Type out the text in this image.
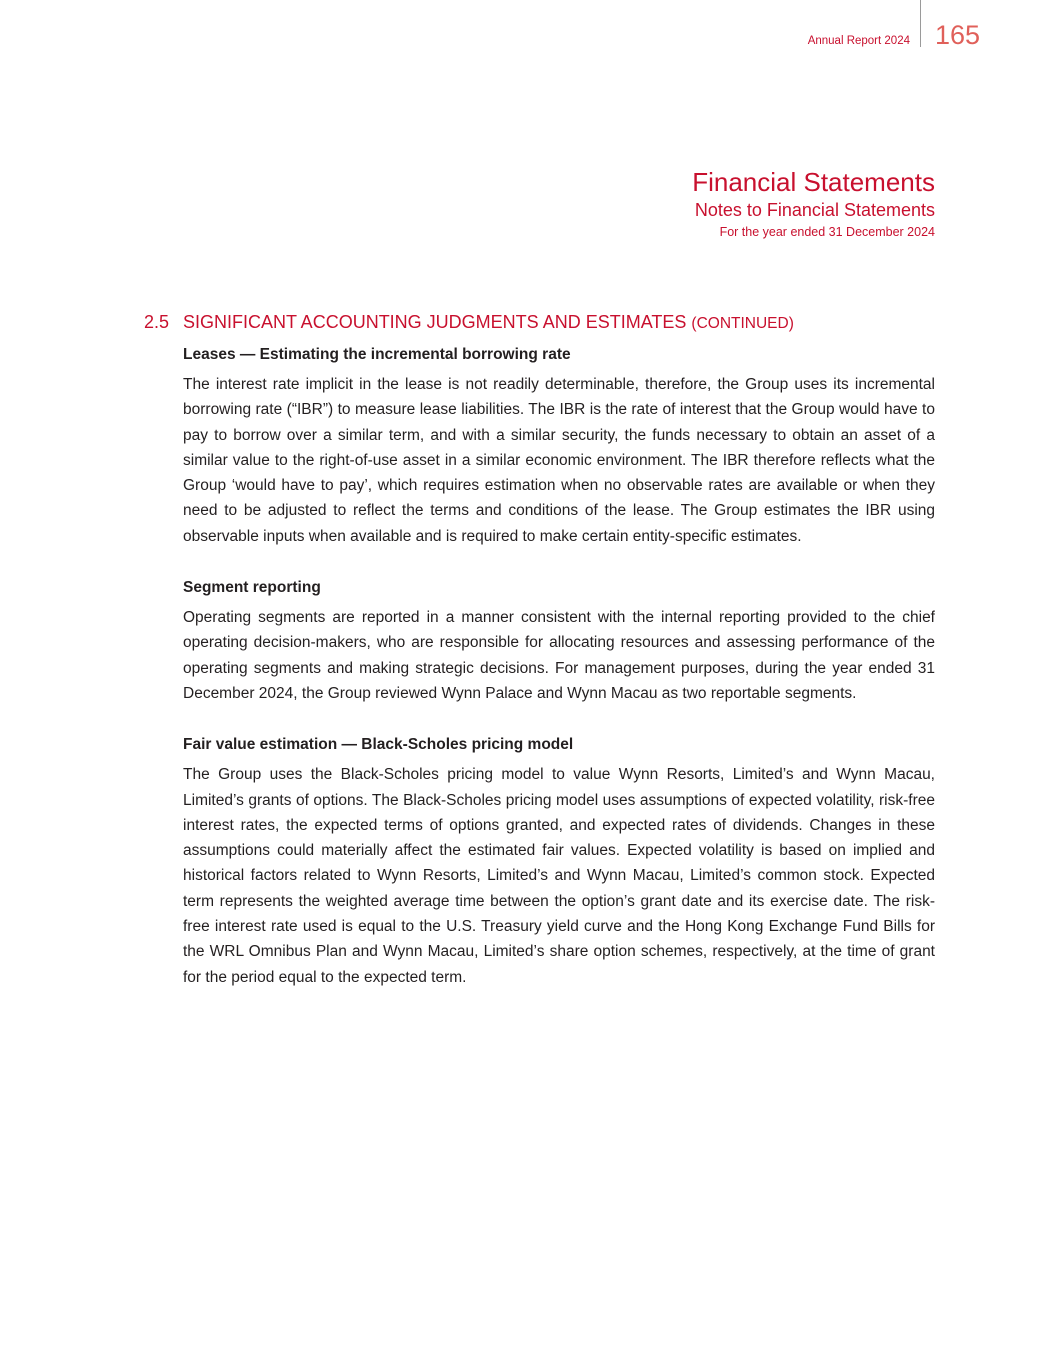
Annual Report 2024 165
Financial Statements
Notes to Financial Statements
For the year ended 31 December 2024
2.5 SIGNIFICANT ACCOUNTING JUDGMENTS AND ESTIMATES (CONTINUED)
Leases — Estimating the incremental borrowing rate

The interest rate implicit in the lease is not readily determinable, therefore, the Group uses its incremental borrowing rate (“IBR”) to measure lease liabilities. The IBR is the rate of interest that the Group would have to pay to borrow over a similar term, and with a similar security, the funds necessary to obtain an asset of a similar value to the right-of-use asset in a similar economic environment. The IBR therefore reflects what the Group ‘would have to pay’, which requires estimation when no observable rates are available or when they need to be adjusted to reflect the terms and conditions of the lease. The Group estimates the IBR using observable inputs when available and is required to make certain entity-specific estimates.

Segment reporting

Operating segments are reported in a manner consistent with the internal reporting provided to the chief operating decision-makers, who are responsible for allocating resources and assessing performance of the operating segments and making strategic decisions. For management purposes, during the year ended 31 December 2024, the Group reviewed Wynn Palace and Wynn Macau as two reportable segments.

Fair value estimation — Black-Scholes pricing model

The Group uses the Black-Scholes pricing model to value Wynn Resorts, Limited’s and Wynn Macau, Limited’s grants of options. The Black-Scholes pricing model uses assumptions of expected volatility, risk-free interest rates, the expected terms of options granted, and expected rates of dividends. Changes in these assumptions could materially affect the estimated fair values. Expected volatility is based on implied and historical factors related to Wynn Resorts, Limited’s and Wynn Macau, Limited’s common stock. Expected term represents the weighted average time between the option’s grant date and its exercise date. The risk-free interest rate used is equal to the U.S. Treasury yield curve and the Hong Kong Exchange Fund Bills for the WRL Omnibus Plan and Wynn Macau, Limited’s share option schemes, respectively, at the time of grant for the period equal to the expected term.
